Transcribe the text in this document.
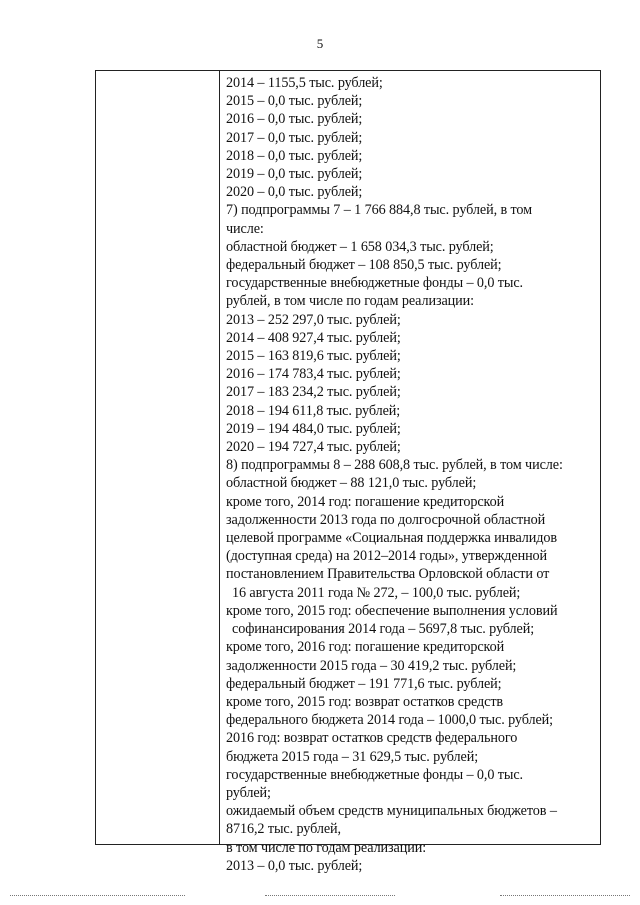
5
2014 – 1155,5 тыс. рублей;
2015 – 0,0 тыс. рублей;
2016 – 0,0 тыс. рублей;
2017 – 0,0 тыс. рублей;
2018 – 0,0 тыс. рублей;
2019 – 0,0 тыс. рублей;
2020 – 0,0 тыс. рублей;
7) подпрограммы 7 – 1 766 884,8 тыс. рублей, в том
числе:
областной бюджет – 1 658 034,3 тыс. рублей;
федеральный бюджет – 108 850,5 тыс. рублей;
государственные внебюджетные фонды – 0,0 тыс.
рублей, в том числе по годам реализации:
2013 – 252 297,0 тыс. рублей;
2014 – 408 927,4 тыс. рублей;
2015 – 163 819,6 тыс. рублей;
2016 – 174 783,4 тыс. рублей;
2017 – 183 234,2 тыс. рублей;
2018 – 194 611,8 тыс. рублей;
2019 – 194 484,0 тыс. рублей;
2020 – 194 727,4 тыс. рублей;
8) подпрограммы 8 – 288 608,8 тыс. рублей, в том числе:
областной бюджет – 88 121,0 тыс. рублей;
кроме того, 2014 год: погашение кредиторской
задолженности 2013 года по долгосрочной областной
целевой программе «Социальная поддержка инвалидов
(доступная среда) на 2012–2014 годы», утвержденной
постановлением Правительства Орловской области от
16 августа 2011 года № 272, – 100,0 тыс. рублей;
кроме того, 2015 год: обеспечение выполнения условий
софинансирования 2014 года – 5697,8 тыс. рублей;
кроме того, 2016 год: погашение кредиторской
задолженности 2015 года – 30 419,2 тыс. рублей;
федеральный бюджет – 191 771,6 тыс. рублей;
кроме того, 2015 год: возврат остатков средств
федерального бюджета 2014 года – 1000,0 тыс. рублей;
2016 год: возврат остатков средств федерального
бюджета 2015 года – 31 629,5 тыс. рублей;
государственные внебюджетные фонды – 0,0 тыс.
рублей;
ожидаемый объем средств муниципальных бюджетов –
8716,2 тыс. рублей,
в том числе по годам реализации:
2013 – 0,0 тыс. рублей;
